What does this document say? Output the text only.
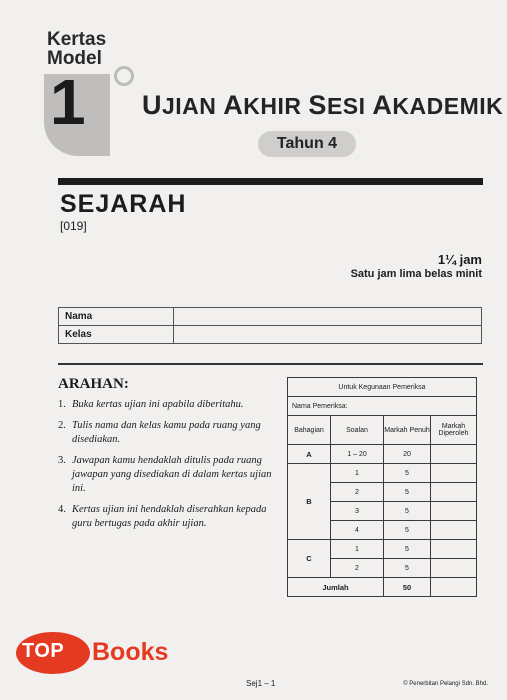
Kertas
Model
1 UJIAN AKHIR SESI AKADEMIK
Tahun 4
SEJARAH
[019]
1¼ jam
Satu jam lima belas minit
Nama	
Kelas	
ARAHAN:
1. Buka kertas ujian ini apabila diberitahu.
2. Tulis nama dan kelas kamu pada ruang yang disediakan.
3. Jawapan kamu hendaklah ditulis pada ruang jawapan yang disediakan di dalam kertas ujian ini.
4. Kertas ujian ini hendaklah diserahkan kepada guru bertugas pada akhir ujian.
Untuk Kegunaan Pemeriksa			
Nama Pemeriksa:			
Bahagian	Soalan	Markah Penuh	Markah Diperoleh
A	1 – 20	20	
B	1	5	
	2	5	
	3	5	
	4	5	
C	1	5	
	2	5	
Jumlah		50	
TOP Books
Sej1 – 1	© Penerbitan Pelangi Sdn. Bhd.
